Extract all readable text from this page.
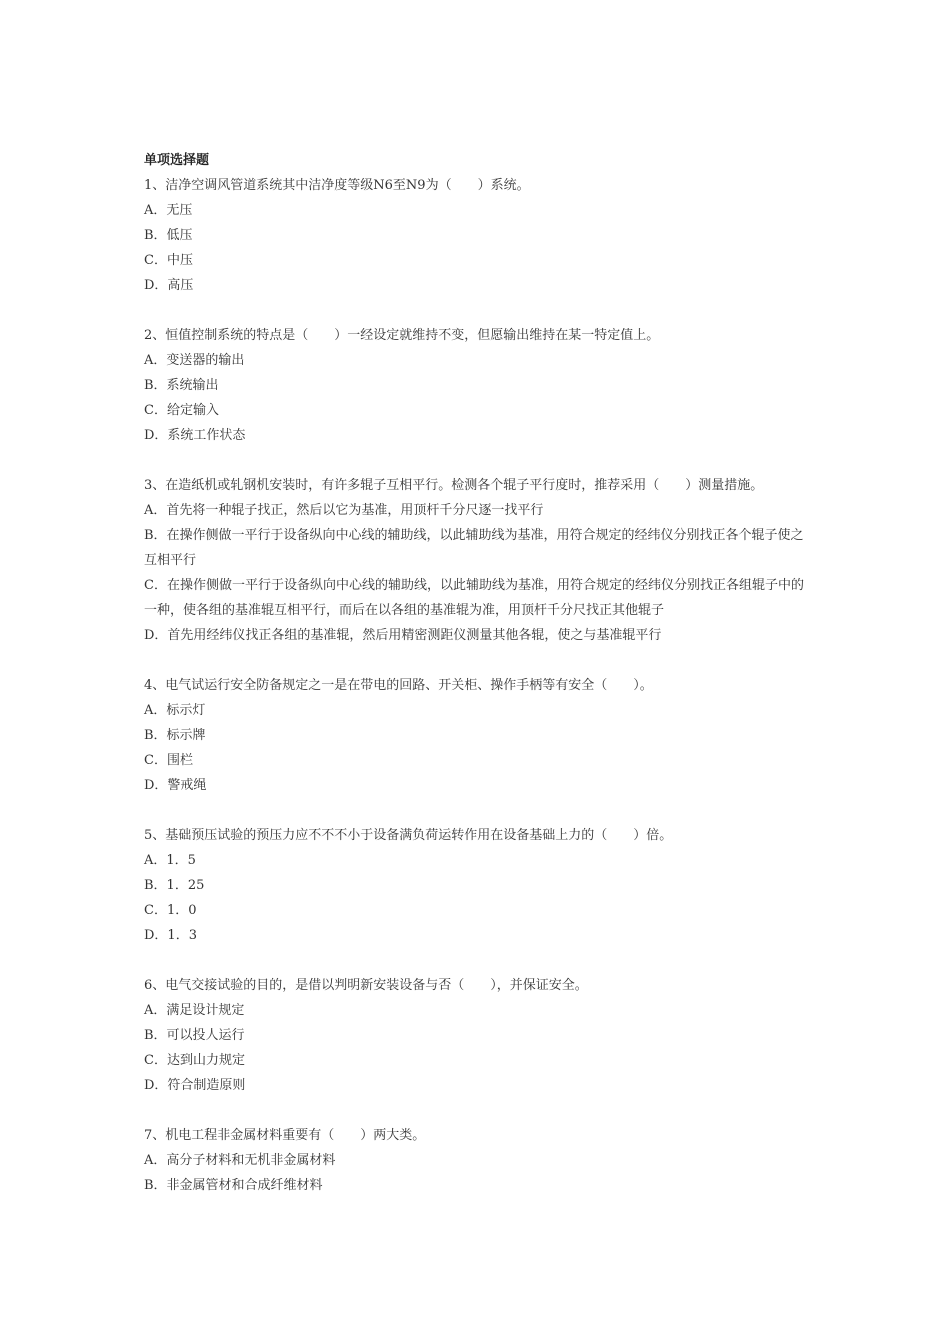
单项选择题
1、洁净空调风管道系统其中洁净度等级N6至N9为（　　）系统。
A．无压
B．低压
C．中压
D．高压
2、恒值控制系统的特点是（　　）一经设定就维持不变，但愿输出维持在某一特定值上。
A．变送器的输出
B．系统输出
C．给定输入
D．系统工作状态
3、在造纸机或轧钢机安装时，有许多辊子互相平行。检测各个辊子平行度时，推荐采用（　　）测量措施。
A．首先将一种辊子找正，然后以它为基准，用顶杆千分尺逐一找平行
B．在操作侧做一平行于设备纵向中心线的辅助线，以此辅助线为基准，用符合规定的经纬仪分别找正各个辊子使之互相平行
C．在操作侧做一平行于设备纵向中心线的辅助线，以此辅助线为基准，用符合规定的经纬仪分别找正各组辊子中的一种，使各组的基准辊互相平行，而后在以各组的基准辊为准，用顶杆千分尺找正其他辊子
D．首先用经纬仪找正各组的基准辊，然后用精密测距仪测量其他各辊，使之与基准辊平行
4、电气试运行安全防备规定之一是在带电的回路、开关柜、操作手柄等有安全（　　）。
A．标示灯
B．标示牌
C．围栏
D．警戒绳
5、基础预压试验的预压力应不不不小于设备满负荷运转作用在设备基础上力的（　　）倍。
A．1．5
B．1．25
C．1．0
D．1．3
6、电气交接试验的目的，是借以判明新安装设备与否（　　），并保证安全。
A．满足设计规定
B．可以投人运行
C．达到山力规定
D．符合制造原则
7、机电工程非金属材料重要有（　　）两大类。
A．高分子材料和无机非金属材料
B．非金属管材和合成纤维材料
